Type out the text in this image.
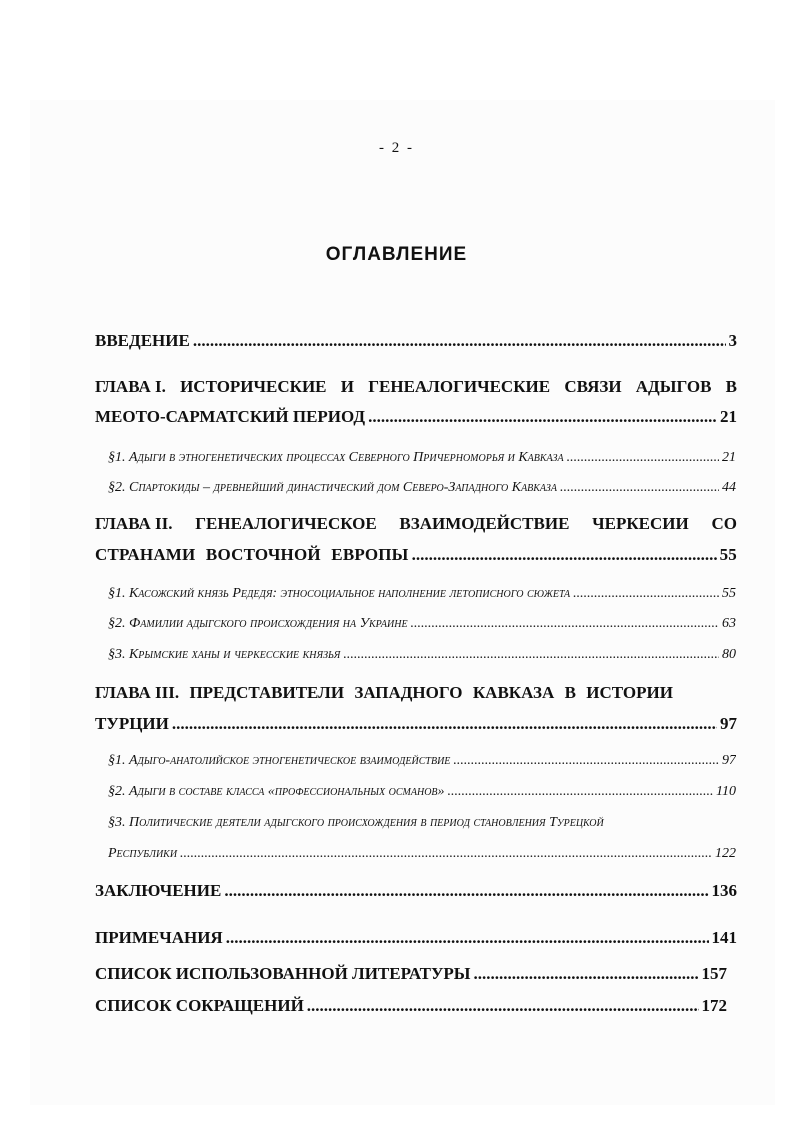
- 2 -
ОГЛАВЛЕНИЕ
ВВЕДЕНИЕ .....	3
ГЛАВА I. ИСТОРИЧЕСКИЕ И ГЕНЕАЛОГИЧЕСКИЕ СВЯЗИ АДЫГОВ В
МЕОТО-САРМАТСКИЙ ПЕРИОД .....	21
§1. Адыги в этногенетических процессах Северного Причерноморья и Кавказа .....	21
§2. Спартокиды – древнейший династический дом Северо-Западного Кавказа .....	44
ГЛАВА II. ГЕНЕАЛОГИЧЕСКОЕ ВЗАИМОДЕЙСТВИЕ ЧЕРКЕСИИ СО
СТРАНАМИ ВОСТОЧНОЙ ЕВРОПЫ .....	55
§1. Касожский князь Редедя: этносоциальное наполнение летописного сюжета .....	55
§2. Фамилии адыгского происхождения на Украине .....	63
§3. Крымские ханы и черкесские князья .....	80
ГЛАВА III. ПРЕДСТАВИТЕЛИ ЗАПАДНОГО КАВКАЗА В ИСТОРИИ
ТУРЦИИ .....	97
§1. Адыго-анатолийское этногенетическое взаимодействие .....	97
§2. Адыги в составе класса «профессиональных османов» .....	110
§3. Политические деятели адыгского происхождения в период становления Турецкой
Республики .....	122
ЗАКЛЮЧЕНИЕ .....	136
ПРИМЕЧАНИЯ .....	141
СПИСОК ИСПОЛЬЗОВАННОЙ ЛИТЕРАТУРЫ .....	157
СПИСОК СОКРАЩЕНИЙ .....	172
